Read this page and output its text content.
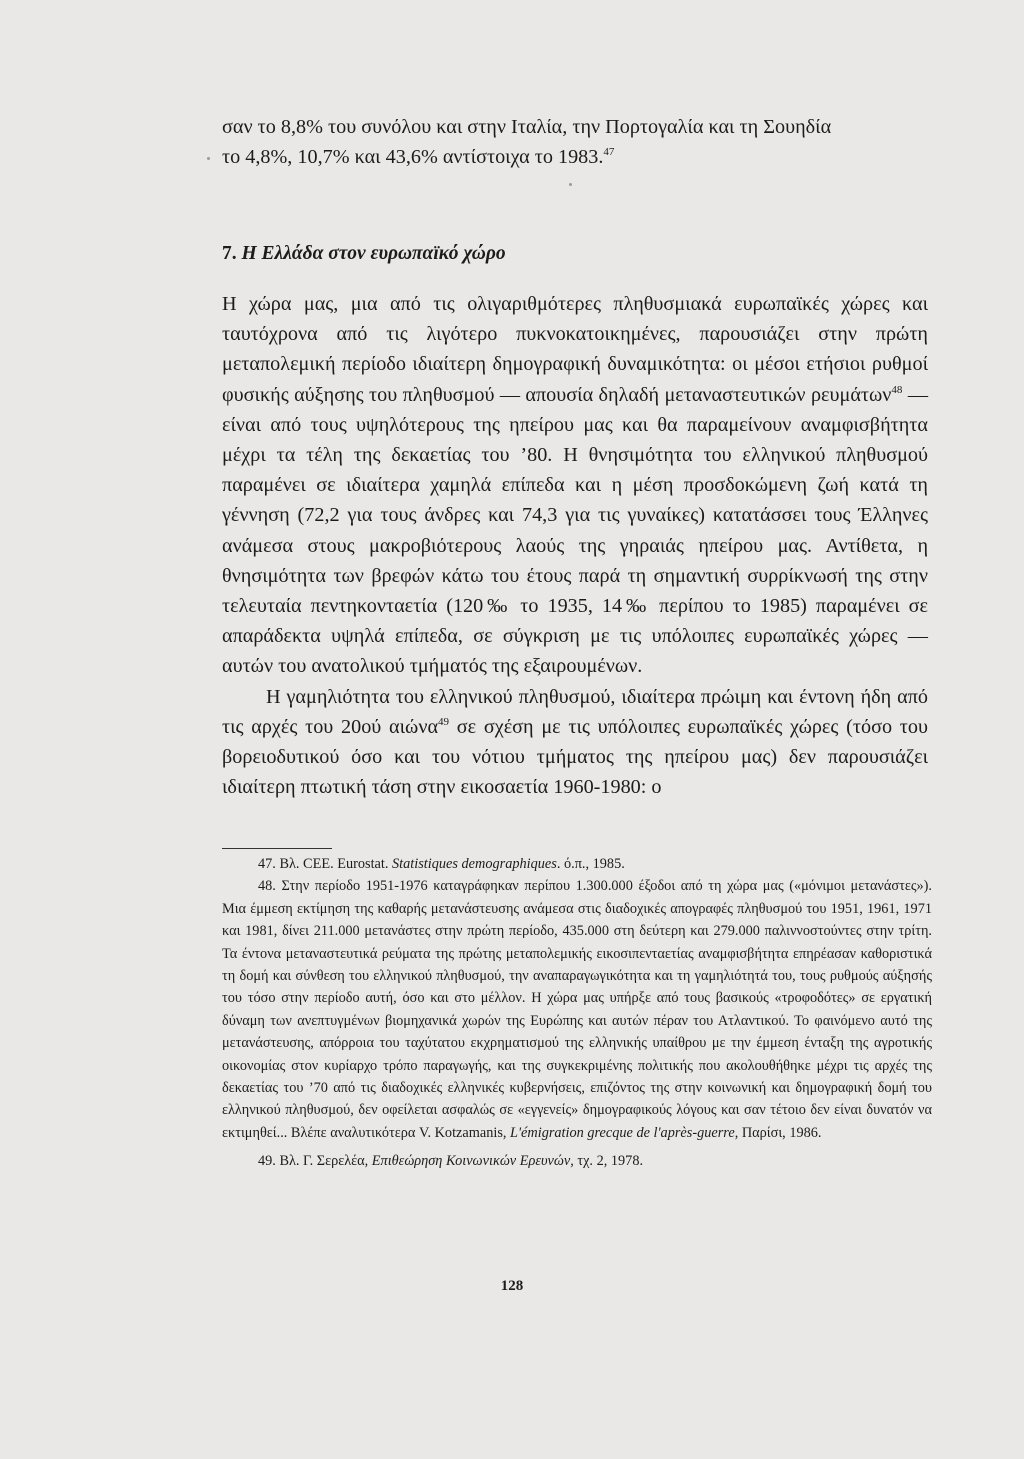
σαν το 8,8% του συνόλου και στην Ιταλία, την Πορτογαλία και τη Σουηδία

το 4,8%, 10,7% και 43,6% αντίστοιχα το 1983.47

7. Η Ελλάδα στον ευρωπαϊκό χώρο

Η χώρα μας, μια από τις ολιγαριθμότερες πληθυσμιακά ευρωπαϊκές χώρες και ταυτόχρονα από τις λιγότερο πυκνοκατοικημένες, παρουσιάζει στην πρώτη μεταπολεμική περίοδο ιδιαίτερη δημογραφική δυναμικότητα: οι μέσοι ετήσιοι ρυθμοί φυσικής αύξησης του πληθυσμού — απουσία δηλαδή μεταναστευτικών ρευμάτων$^{48}$ — είναι από τους υψηλότερους της ηπείρου μας και θα παραμείνουν αναμφισβήτητα μέχρι τα τέλη της δεκαετίας του ’80. Η θνησιμότητα του ελληνικού πληθυσμού παραμένει σε ιδιαίτερα χαμηλά επίπεδα και η μέση προσδοκώμενη ζωή κατά τη γέννηση (72,2 για τους άνδρες και 74,3 για τις γυναίκες) κατατάσσει τους Έλληνες ανάμεσα στους μακροβιότερους λαούς της γηραιάς ηπείρου μας. Αντίθετα, η θνησιμότητα των βρεφών κάτω του έτους παρά τη σημαντική συρρίκνωσή της στην τελευταία πεντηκονταετία (120‰ το 1935, 14‰ περίπου το 1985) παραμένει σε απαράδεκτα υψηλά επίπεδα, σε σύγκριση με τις υπόλοιπες ευρωπαϊκές χώρες — αυτών του ανατολικού τμήματός της εξαιρουμένων.

Η γαμηλιότητα του ελληνικού πληθυσμού, ιδιαίτερα πρώιμη και έντονη ήδη από τις αρχές του 20ού αιώνα$^{49}$ σε σχέση με τις υπόλοιπες ευρωπαϊκές χώρες (τόσο του βορειοδυτικού όσο και του νότιου τμήματος της ηπείρου μας) δεν παρουσιάζει ιδιαίτερη πτωτική τάση στην εικοσαετία 1960-1980: ο

47. Βλ. CEE. Eurostat. Statistiques demographiques. ό.π., 1985.

48. Στην περίοδο 1951-1976 καταγράφηκαν περίπου 1.300.000 έξοδοι από τη χώρα μας («μόνιμοι μετανάστες»). Μια έμμεση εκτίμηση της καθαρής μετανάστευσης ανάμεσα στις διαδοχικές απογραφές πληθυσμού του 1951, 1961, 1971 και 1981, δίνει 211.000 μετανάστες στην πρώτη περίοδο, 435.000 στη δεύτερη και 279.000 παλιννοστούντες στην τρίτη. Τα έντονα μεταναστευτικά ρεύματα της πρώτης μεταπολεμικής εικοσιπενταετίας αναμφισβήτητα επηρέασαν καθοριστικά τη δομή και σύνθεση του ελληνικού πληθυσμού, την αναπαραγωγικότητα και τη γαμηλιότητά του, τους ρυθμούς αύξησής του τόσο στην περίοδο αυτή, όσο και στο μέλλον. Η χώρα μας υπήρξε από τους βασικούς «τροφοδότες» σε εργατική δύναμη των ανεπτυγμένων βιομηχανικά χωρών της Ευρώπης και αυτών πέραν του Ατλαντικού. Το φαινόμενο αυτό της μετανάστευσης, απόρροια του ταχύτατου εκχρηματισμού της ελληνικής υπαίθρου με την έμμεση ένταξη της αγροτικής οικονομίας στον κυρίαρχο τρόπο παραγωγής, και της συγκεκριμένης πολιτικής που ακολουθήθηκε μέχρι τις αρχές της δεκαετίας του ’70 από τις διαδοχικές ελληνικές κυβερνήσεις, επιζόντος της στην κοινωνική και δημογραφική δομή του ελληνικού πληθυσμού, δεν οφείλεται ασφαλώς σε «εγγενείς» δημογραφικούς λόγους και σαν τέτοιο δεν είναι δυνατόν να εκτιμηθεί... Βλέπε αναλυτικότερα V. Kotzamanis, L'émigration grecque de l'après-guerre, Παρίσι, 1986.

49. Βλ. Γ. Σερελέα, Επιθεώρηση Κοινωνικών Ερευνών, τχ. 2, 1978.

128
